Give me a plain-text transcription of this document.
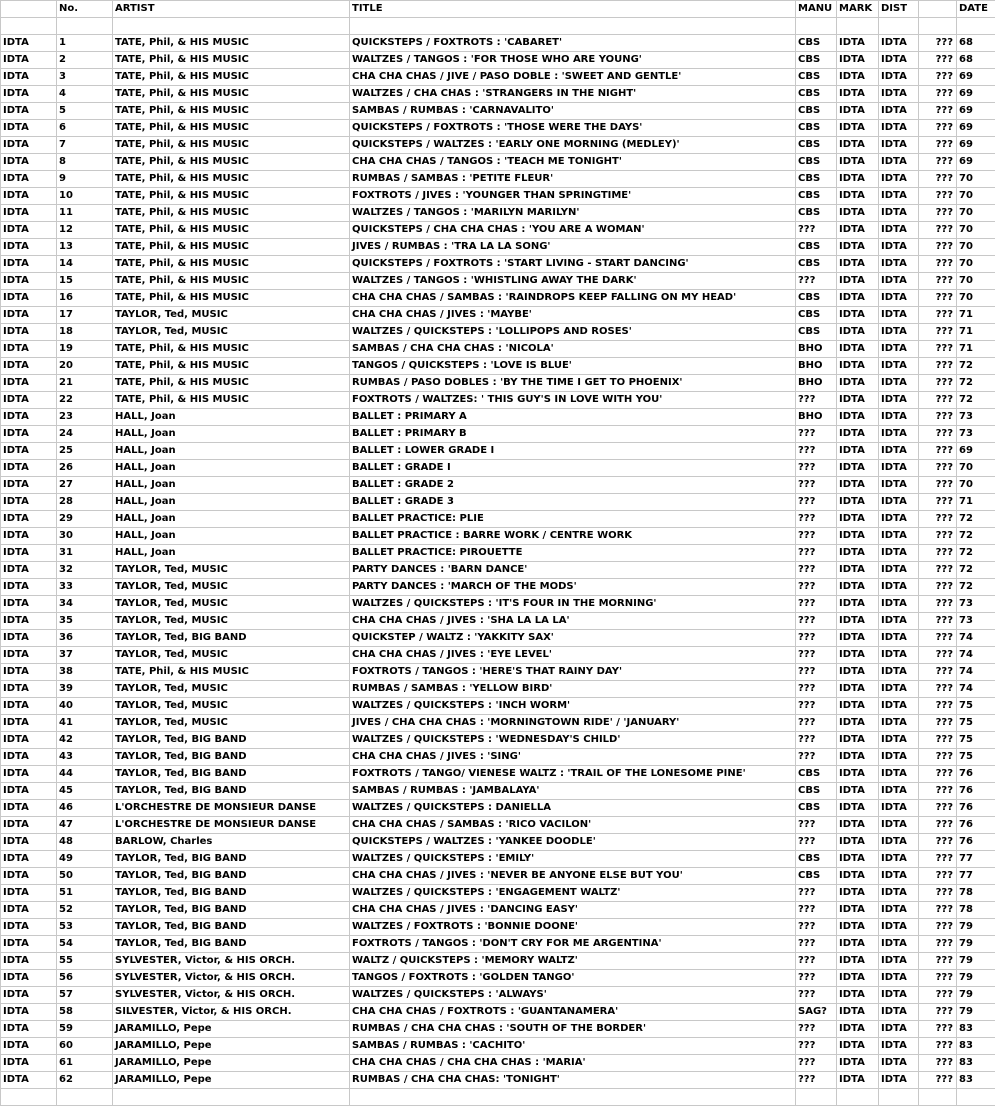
	No.	ARTIST	TITLE	MANU	MARK	DIST		DATE

IDTA	1	TATE, Phil, & HIS MUSIC	QUICKSTEPS / FOXTROTS : 'CABARET'	CBS	IDTA	IDTA	???	68
IDTA	2	TATE, Phil, & HIS MUSIC	WALTZES / TANGOS : 'FOR THOSE WHO ARE YOUNG'	CBS	IDTA	IDTA	???	68
IDTA	3	TATE, Phil, & HIS MUSIC	CHA CHA CHAS / JIVE / PASO DOBLE : 'SWEET AND GENTLE'	CBS	IDTA	IDTA	???	69
IDTA	4	TATE, Phil, & HIS MUSIC	WALTZES / CHA CHAS : 'STRANGERS IN THE NIGHT'	CBS	IDTA	IDTA	???	69
IDTA	5	TATE, Phil, & HIS MUSIC	SAMBAS / RUMBAS : 'CARNAVALITO'	CBS	IDTA	IDTA	???	69
IDTA	6	TATE, Phil, & HIS MUSIC	QUICKSTEPS / FOXTROTS : 'THOSE WERE THE DAYS'	CBS	IDTA	IDTA	???	69
IDTA	7	TATE, Phil, & HIS MUSIC	QUICKSTEPS / WALTZES : 'EARLY ONE MORNING (MEDLEY)'	CBS	IDTA	IDTA	???	69
IDTA	8	TATE, Phil, & HIS MUSIC	CHA CHA CHAS / TANGOS : 'TEACH ME TONIGHT'	CBS	IDTA	IDTA	???	69
IDTA	9	TATE, Phil, & HIS MUSIC	RUMBAS / SAMBAS : 'PETITE FLEUR'	CBS	IDTA	IDTA	???	70
IDTA	10	TATE, Phil, & HIS MUSIC	FOXTROTS / JIVES : 'YOUNGER THAN SPRINGTIME'	CBS	IDTA	IDTA	???	70
IDTA	11	TATE, Phil, & HIS MUSIC	WALTZES / TANGOS : 'MARILYN MARILYN'	CBS	IDTA	IDTA	???	70
IDTA	12	TATE, Phil, & HIS MUSIC	QUICKSTEPS / CHA CHA CHAS : 'YOU ARE A WOMAN'	???	IDTA	IDTA	???	70
IDTA	13	TATE, Phil, & HIS MUSIC	JIVES / RUMBAS : 'TRA LA LA SONG'	CBS	IDTA	IDTA	???	70
IDTA	14	TATE, Phil, & HIS MUSIC	QUICKSTEPS / FOXTROTS : 'START LIVING - START DANCING'	CBS	IDTA	IDTA	???	70
IDTA	15	TATE, Phil, & HIS MUSIC	WALTZES / TANGOS : 'WHISTLING AWAY THE DARK'	???	IDTA	IDTA	???	70
IDTA	16	TATE, Phil, & HIS MUSIC	CHA CHA CHAS / SAMBAS : 'RAINDROPS KEEP FALLING ON MY HEAD'	CBS	IDTA	IDTA	???	70
IDTA	17	TAYLOR, Ted, MUSIC	CHA CHA CHAS / JIVES : 'MAYBE'	CBS	IDTA	IDTA	???	71
IDTA	18	TAYLOR, Ted, MUSIC	WALTZES / QUICKSTEPS : 'LOLLIPOPS AND ROSES'	CBS	IDTA	IDTA	???	71
IDTA	19	TATE, Phil, & HIS MUSIC	SAMBAS / CHA CHA CHAS : 'NICOLA'	BHO	IDTA	IDTA	???	71
IDTA	20	TATE, Phil, & HIS MUSIC	TANGOS / QUICKSTEPS : 'LOVE IS BLUE'	BHO	IDTA	IDTA	???	72
IDTA	21	TATE, Phil, & HIS MUSIC	RUMBAS / PASO DOBLES : 'BY THE TIME I GET TO PHOENIX'	BHO	IDTA	IDTA	???	72
IDTA	22	TATE, Phil, & HIS MUSIC	FOXTROTS / WALTZES: ' THIS GUY'S IN LOVE WITH YOU'	???	IDTA	IDTA	???	72
IDTA	23	HALL, Joan	BALLET : PRIMARY A	BHO	IDTA	IDTA	???	73
IDTA	24	HALL, Joan	BALLET : PRIMARY B	???	IDTA	IDTA	???	73
IDTA	25	HALL, Joan	BALLET : LOWER GRADE I	???	IDTA	IDTA	???	69
IDTA	26	HALL, Joan	BALLET : GRADE I	???	IDTA	IDTA	???	70
IDTA	27	HALL, Joan	BALLET : GRADE 2	???	IDTA	IDTA	???	70
IDTA	28	HALL, Joan	BALLET : GRADE 3	???	IDTA	IDTA	???	71
IDTA	29	HALL, Joan	BALLET PRACTICE: PLIE	???	IDTA	IDTA	???	72
IDTA	30	HALL, Joan	BALLET PRACTICE : BARRE WORK / CENTRE WORK	???	IDTA	IDTA	???	72
IDTA	31	HALL, Joan	BALLET PRACTICE: PIROUETTE	???	IDTA	IDTA	???	72
IDTA	32	TAYLOR, Ted, MUSIC	PARTY DANCES : 'BARN DANCE'	???	IDTA	IDTA	???	72
IDTA	33	TAYLOR, Ted, MUSIC	PARTY DANCES : 'MARCH OF THE MODS'	???	IDTA	IDTA	???	72
IDTA	34	TAYLOR, Ted, MUSIC	WALTZES / QUICKSTEPS : 'IT'S FOUR IN THE MORNING'	???	IDTA	IDTA	???	73
IDTA	35	TAYLOR, Ted, MUSIC	CHA CHA CHAS / JIVES : 'SHA LA LA LA'	???	IDTA	IDTA	???	73
IDTA	36	TAYLOR, Ted, BIG BAND	QUICKSTEP / WALTZ : 'YAKKITY SAX'	???	IDTA	IDTA	???	74
IDTA	37	TAYLOR, Ted, MUSIC	CHA CHA CHAS / JIVES : 'EYE LEVEL'	???	IDTA	IDTA	???	74
IDTA	38	TATE, Phil, & HIS MUSIC	FOXTROTS / TANGOS : 'HERE'S THAT RAINY DAY'	???	IDTA	IDTA	???	74
IDTA	39	TAYLOR, Ted, MUSIC	RUMBAS / SAMBAS : 'YELLOW BIRD'	???	IDTA	IDTA	???	74
IDTA	40	TAYLOR, Ted, MUSIC	WALTZES / QUICKSTEPS : 'INCH WORM'	???	IDTA	IDTA	???	75
IDTA	41	TAYLOR, Ted, MUSIC	JIVES / CHA CHA CHAS : 'MORNINGTOWN RIDE' / 'JANUARY'	???	IDTA	IDTA	???	75
IDTA	42	TAYLOR, Ted, BIG BAND	WALTZES / QUICKSTEPS : 'WEDNESDAY'S CHILD'	???	IDTA	IDTA	???	75
IDTA	43	TAYLOR, Ted, BIG BAND	CHA CHA CHAS / JIVES : 'SING'	???	IDTA	IDTA	???	75
IDTA	44	TAYLOR, Ted, BIG BAND	FOXTROTS / TANGO/ VIENESE WALTZ : 'TRAIL OF THE LONESOME PINE'	CBS	IDTA	IDTA	???	76
IDTA	45	TAYLOR, Ted, BIG BAND	SAMBAS / RUMBAS : 'JAMBALAYA'	CBS	IDTA	IDTA	???	76
IDTA	46	L'ORCHESTRE DE MONSIEUR DANSE	WALTZES / QUICKSTEPS : DANIELLA	CBS	IDTA	IDTA	???	76
IDTA	47	L'ORCHESTRE DE MONSIEUR DANSE	CHA CHA CHAS / SAMBAS : 'RICO VACILON'	???	IDTA	IDTA	???	76
IDTA	48	BARLOW, Charles	QUICKSTEPS / WALTZES : 'YANKEE DOODLE'	???	IDTA	IDTA	???	76
IDTA	49	TAYLOR, Ted, BIG BAND	WALTZES / QUICKSTEPS : 'EMILY'	CBS	IDTA	IDTA	???	77
IDTA	50	TAYLOR, Ted, BIG BAND	CHA CHA CHAS / JIVES : 'NEVER BE ANYONE ELSE BUT YOU'	CBS	IDTA	IDTA	???	77
IDTA	51	TAYLOR, Ted, BIG BAND	WALTZES / QUICKSTEPS : 'ENGAGEMENT WALTZ'	???	IDTA	IDTA	???	78
IDTA	52	TAYLOR, Ted, BIG BAND	CHA CHA CHAS / JIVES : 'DANCING EASY'	???	IDTA	IDTA	???	78
IDTA	53	TAYLOR, Ted, BIG BAND	WALTZES / FOXTROTS : 'BONNIE DOONE'	???	IDTA	IDTA	???	79
IDTA	54	TAYLOR, Ted, BIG BAND	FOXTROTS / TANGOS : 'DON'T CRY FOR ME ARGENTINA'	???	IDTA	IDTA	???	79
IDTA	55	SYLVESTER, Victor, & HIS ORCH.	WALTZ / QUICKSTEPS : 'MEMORY WALTZ'	???	IDTA	IDTA	???	79
IDTA	56	SYLVESTER, Victor, & HIS ORCH.	TANGOS / FOXTROTS : 'GOLDEN TANGO'	???	IDTA	IDTA	???	79
IDTA	57	SYLVESTER, Victor, & HIS ORCH.	WALTZES / QUICKSTEPS : 'ALWAYS'	???	IDTA	IDTA	???	79
IDTA	58	SILVESTER, Victor, & HIS ORCH.	CHA CHA CHAS / FOXTROTS : 'GUANTANAMERA'	SAG?	IDTA	IDTA	???	79
IDTA	59	JARAMILLO, Pepe	RUMBAS / CHA CHA CHAS : 'SOUTH OF THE BORDER'	???	IDTA	IDTA	???	83
IDTA	60	JARAMILLO, Pepe	SAMBAS / RUMBAS : 'CACHITO'	???	IDTA	IDTA	???	83
IDTA	61	JARAMILLO, Pepe	CHA CHA CHAS / CHA CHA CHAS : 'MARIA'	???	IDTA	IDTA	???	83
IDTA	62	JARAMILLO, Pepe	RUMBAS / CHA CHA CHAS: 'TONIGHT'	???	IDTA	IDTA	???	83
